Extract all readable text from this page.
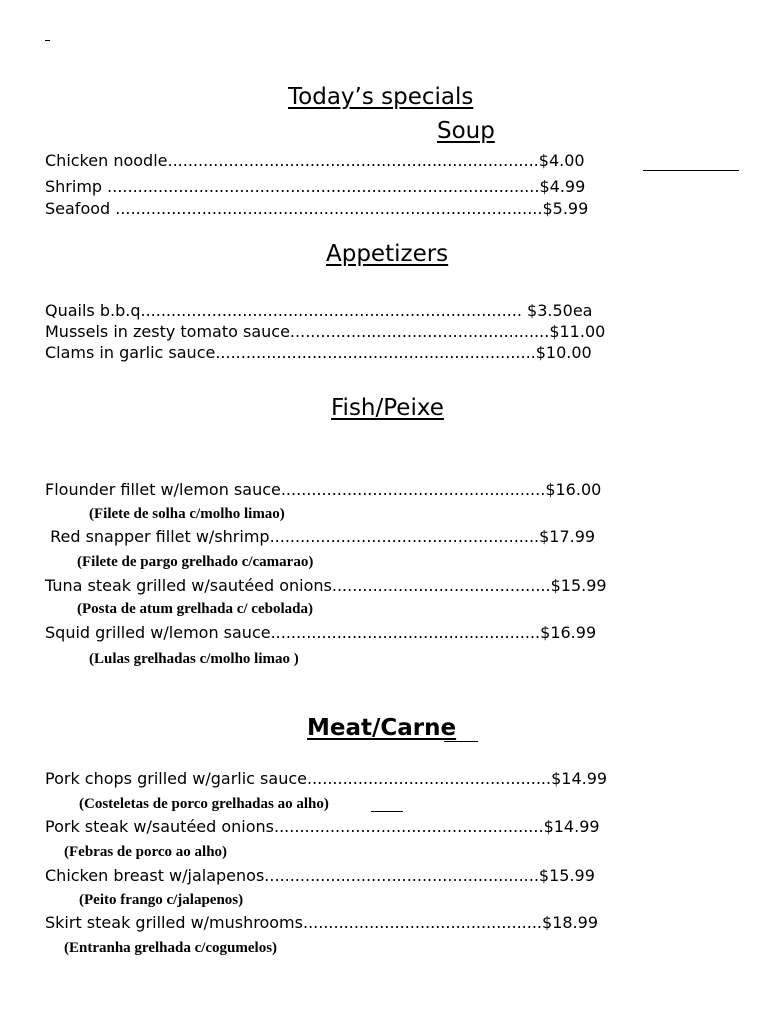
Today’s specials
Soup
Chicken noodle.........................................................................$4.00
Shrimp .....................................................................................$4.99
Seafood ....................................................................................$5.99
Appetizers
Quails b.b.q........................................................................... $3.50ea
Mussels in zesty tomato sauce...................................................$11.00
Clams in garlic sauce...............................................................$10.00
Fish/Peixe
Flounder fillet w/lemon sauce....................................................$16.00
(Filete de solha c/molho limao)
Red snapper fillet w/shrimp.....................................................$17.99
(Filete de pargo grelhado c/camarao)
Tuna steak grilled w/sautéed onions...........................................$15.99
(Posta de atum grelhada c/ cebolada)
Squid grilled w/lemon sauce.....................................................$16.99
(Lulas grelhadas c/molho limao )
Meat/Carne
Pork chops grilled w/garlic sauce................................................$14.99
(Costeletas de porco grelhadas ao alho)
Pork steak w/sautéed onions.....................................................$14.99
(Febras de porco ao alho)
Chicken breast w/jalapenos......................................................$15.99
(Peito frango c/jalapenos)
Skirt steak grilled w/mushrooms...............................................$18.99
(Entranha grelhada c/cogumelos)
